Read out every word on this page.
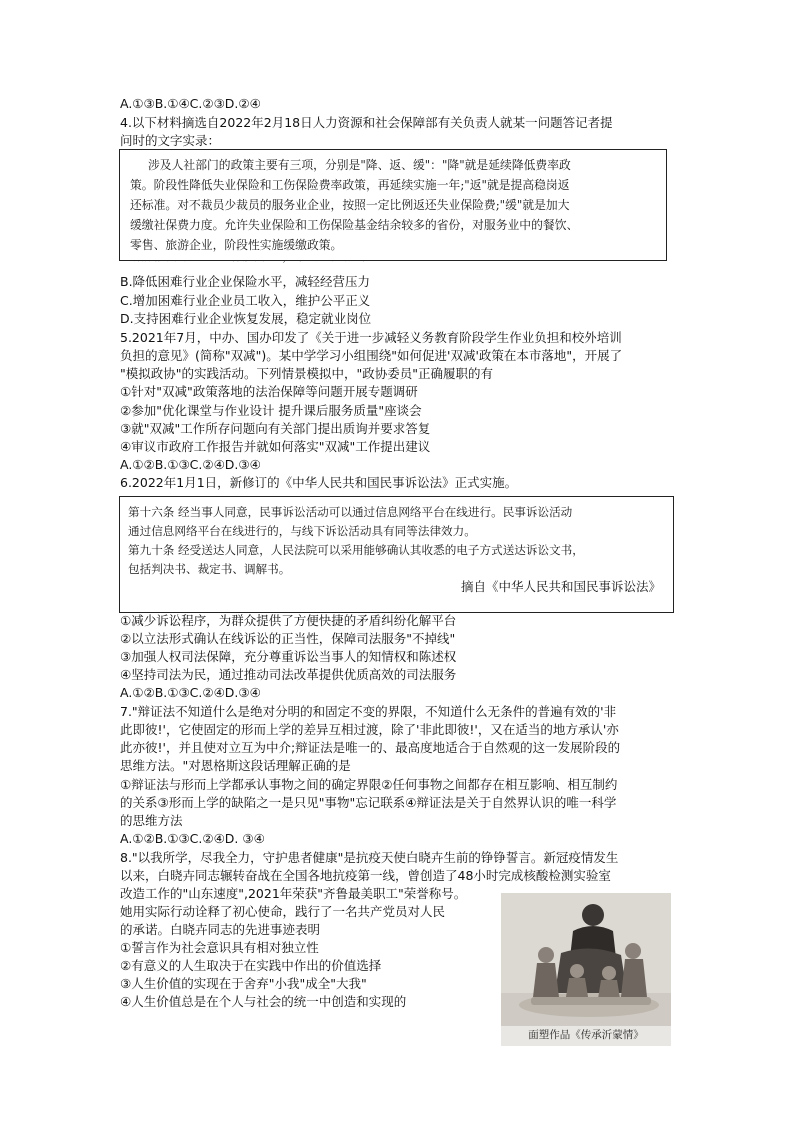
A.①③B.①④C.②③D.②④
4.以下材料摘选自2022年2月18日人力资源和社会保障部有关负责人就某一问题答记者提
问时的文字实录：
涉及人社部门的政策主要有三项，分别是"降、返、缓"："降"就是延续降低费率政
策。阶段性降低失业保险和工伤保险费率政策，再延续实施一年;"返"就是提高稳岗返
还标准。对不裁员少裁员的服务业企业，按照一定比例返还失业保险费;"缓"就是加大
缓缴社保费力度。允许失业保险和工伤保险基金结余较多的省份，对服务业中的餐饮、
零售、旅游企业，阶段性实施缓缴政策。
B.降低困难行业企业保险水平，减轻经营压力
C.增加困难行业企业员工收入，维护公平正义
D.支持困难行业企业恢复发展，稳定就业岗位
5.2021年7月，中办、国办印发了《关于进一步减轻义务教育阶段学生作业负担和校外培训
负担的意见》(简称"双减")。某中学学习小组围绕"如何促进'双减'政策在本市落地"，开展了
"模拟政协"的实践活动。下列情景模拟中，"政协委员"正确履职的有
①针对"双减"政策落地的法治保障等问题开展专题调研
②参加"优化课堂与作业设计 提升课后服务质量"座谈会
③就"双减"工作所存问题向有关部门提出质询并要求答复
④审议市政府工作报告并就如何落实"双减"工作提出建议
A.①②B.①③C.②④D.③④
6.2022年1月1日，新修订的《中华人民共和国民事诉讼法》正式实施。
第十六条 经当事人同意，民事诉讼活动可以通过信息网络平台在线进行。民事诉讼活动
通过信息网络平台在线进行的，与线下诉讼活动具有同等法律效力。
第九十条 经受送达人同意，人民法院可以采用能够确认其收悉的电子方式送达诉讼文书，
包括判决书、裁定书、调解书。
摘自《中华人民共和国民事诉讼法》
①减少诉讼程序，为群众提供了方便快捷的矛盾纠纷化解平台
②以立法形式确认在线诉讼的正当性，保障司法服务"不掉线"
③加强人权司法保障，充分尊重诉讼当事人的知情权和陈述权
④坚持司法为民，通过推动司法改革提供优质高效的司法服务
A.①②B.①③C.②④D.③④
7."辩证法不知道什么是绝对分明的和固定不变的界限，不知道什么无条件的普遍有效的'非
此即彼!'，它使固定的形而上学的差异互相过渡，除了'非此即彼!'，又在适当的地方承认'亦
此亦彼!'，并且使对立互为中介;辩证法是唯一的、最高度地适合于自然观的这一发展阶段的
思维方法。"对恩格斯这段话理解正确的是
①辩证法与形而上学都承认事物之间的确定界限②任何事物之间都存在相互影响、相互制约
的关系③形而上学的缺陷之一是只见"事物"忘记联系④辩证法是关于自然界认识的唯一科学
的思维方法
A.①②B.①③C.②④D. ③④
8."以我所学，尽我全力，守护患者健康"是抗疫天使白晓卉生前的铮铮誓言。新冠疫情发生
以来，白晓卉同志辗转奋战在全国各地抗疫第一线，曾创造了48小时完成核酸检测实验室
改造工作的"山东速度",2021年荣获"齐鲁最美职工"荣誉称号。
她用实际行动诠释了初心使命，践行了一名共产党员对人民
的承诺。白晓卉同志的先进事迹表明
①誓言作为社会意识具有相对独立性
②有意义的人生取决于在实践中作出的价值选择
③人生价值的实现在于舍弃"小我"成全"大我"
④人生价值总是在个人与社会的统一中创造和实现的
面塑作品《传承沂蒙情》
